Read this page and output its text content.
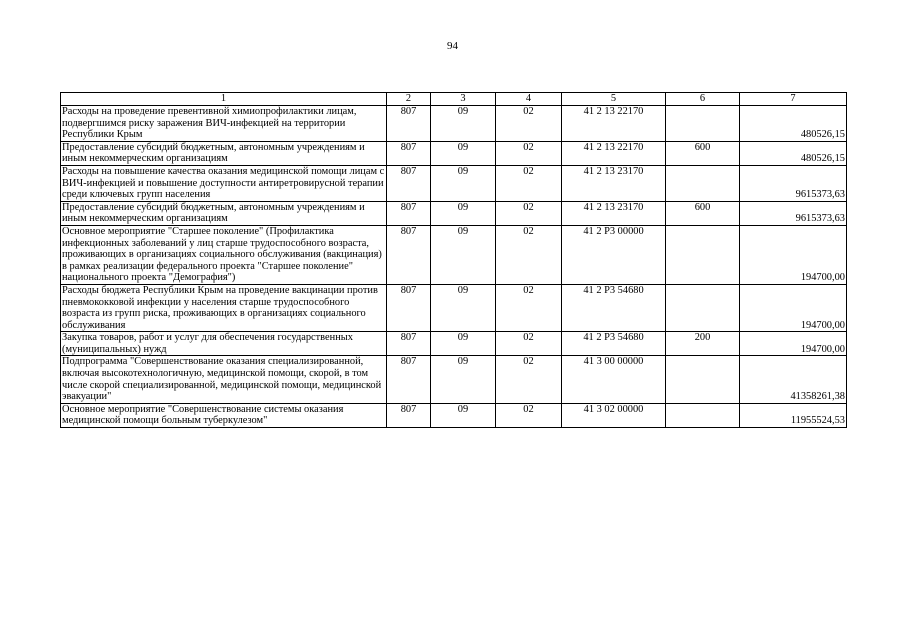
94
1	2	3	4	5	6	7
Расходы на проведение превентивной химиопрофилактики лицам, подвергшимся риску заражения ВИЧ-инфекцией на территории Республики Крым	807	09	02	41 2 13 22170		480526,15
Предоставление субсидий бюджетным, автономным учреждениям и иным некоммерческим организациям	807	09	02	41 2 13 22170	600	480526,15
Расходы на повышение качества оказания медицинской помощи лицам с ВИЧ-инфекцией и повышение доступности антиретровирусной терапии среди ключевых групп населения	807	09	02	41 2 13 23170		9615373,63
Предоставление субсидий бюджетным, автономным учреждениям и иным некоммерческим организациям	807	09	02	41 2 13 23170	600	9615373,63
Основное мероприятие "Старшее поколение" (Профилактика инфекционных заболеваний у лиц старше трудоспособного возраста, проживающих в организациях социального обслуживания (вакцинация) в рамках реализации федерального проекта "Старшее поколение" национального проекта "Демография")	807	09	02	41 2 P3 00000		194700,00
Расходы бюджета Республики Крым на проведение вакцинации против пневмококковой инфекции у населения старше трудоспособного возраста из групп риска, проживающих в организациях социального обслуживания	807	09	02	41 2 P3 54680		194700,00
Закупка товаров, работ и услуг для обеспечения государственных (муниципальных) нужд	807	09	02	41 2 P3 54680	200	194700,00
Подпрограмма "Совершенствование оказания специализированной, включая высокотехнологичную, медицинской помощи, скорой, в том числе скорой специализированной, медицинской помощи, медицинской эвакуации"	807	09	02	41 3 00 00000		41358261,38
Основное мероприятие "Совершенствование системы оказания медицинской помощи больным туберкулезом"	807	09	02	41 3 02 00000		11955524,53
